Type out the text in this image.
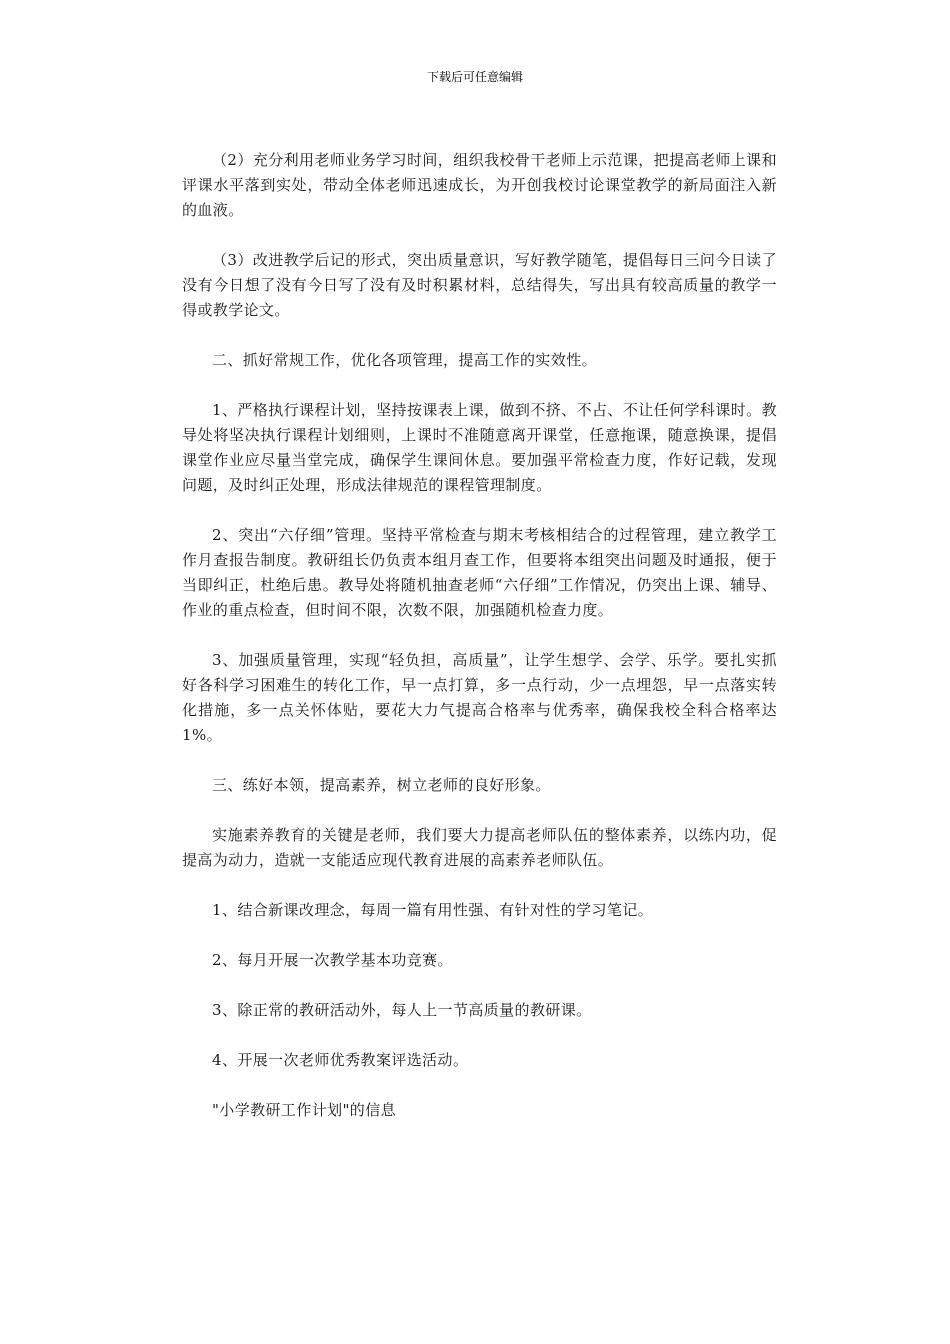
下载后可任意编辑

（2）充分利用老师业务学习时间，组织我校骨干老师上示范课，把提高老师上课和评课水平落到实处，带动全体老师迅速成长，为开创我校讨论课堂教学的新局面注入新的血液。

（3）改进教学后记的形式，突出质量意识，写好教学随笔，提倡每日三问今日读了没有今日想了没有今日写了没有及时积累材料，总结得失，写出具有较高质量的教学一得或教学论文。

二、抓好常规工作，优化各项管理，提高工作的实效性。

1、严格执行课程计划，坚持按课表上课，做到不挤、不占、不让任何学科课时。教导处将坚决执行课程计划细则，上课时不准随意离开课堂，任意拖课，随意换课，提倡课堂作业应尽量当堂完成，确保学生课间休息。要加强平常检查力度，作好记载，发现问题，及时纠正处理，形成法律规范的课程管理制度。

2、突出“六仔细”管理。坚持平常检查与期末考核相结合的过程管理，建立教学工作月查报告制度。教研组长仍负责本组月查工作，但要将本组突出问题及时通报，便于当即纠正，杜绝后患。教导处将随机抽查老师“六仔细”工作情况，仍突出上课、辅导、作业的重点检查，但时间不限，次数不限，加强随机检查力度。

3、加强质量管理，实现“轻负担，高质量”，让学生想学、会学、乐学。要扎实抓好各科学习困难生的转化工作，早一点打算，多一点行动，少一点埋怨，早一点落实转化措施，多一点关怀体贴，要花大力气提高合格率与优秀率，确保我校全科合格率达1%。

三、练好本领，提高素养，树立老师的良好形象。

实施素养教育的关键是老师，我们要大力提高老师队伍的整体素养，以练内功，促提高为动力，造就一支能适应现代教育进展的高素养老师队伍。

1、结合新课改理念，每周一篇有用性强、有针对性的学习笔记。

2、每月开展一次教学基本功竞赛。

3、除正常的教研活动外，每人上一节高质量的教研课。

4、开展一次老师优秀教案评选活动。

"小学教研工作计划"的信息
